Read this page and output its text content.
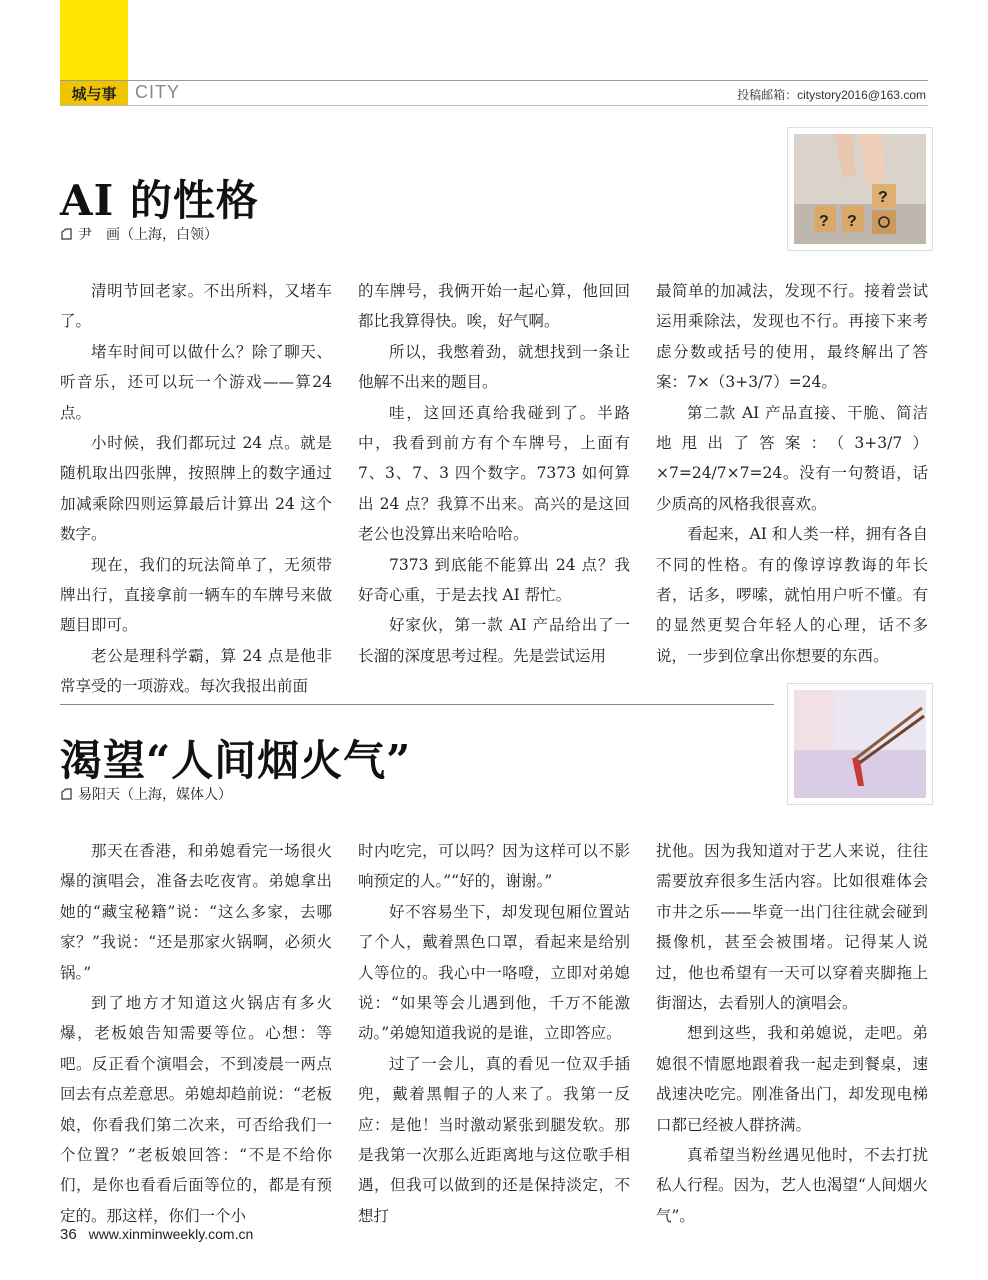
城与事	CITY	投稿邮箱：citystory2016@163.com
AI 的性格
尹　画（上海，白领）
? ?
?

清明节回老家。不出所料，又堵车了。

堵车时间可以做什么？除了聊天、听音乐，还可以玩一个游戏——算24点。

小时候，我们都玩过 24 点。就是随机取出四张牌，按照牌上的数字通过加减乘除四则运算最后计算出 24 这个数字。

现在，我们的玩法简单了，无须带牌出行，直接拿前一辆车的车牌号来做题目即可。

老公是理科学霸，算 24 点是他非常享受的一项游戏。每次我报出前面

的车牌号，我俩开始一起心算，他回回都比我算得快。唉，好气啊。

所以，我憋着劲，就想找到一条让他解不出来的题目。

哇，这回还真给我碰到了。半路中，我看到前方有个车牌号，上面有 7、3、7、3 四个数字。7373 如何算出 24 点？我算不出来。高兴的是这回老公也没算出来哈哈哈。

7373 到底能不能算出 24 点？我好奇心重，于是去找 AI 帮忙。

好家伙，第一款 AI 产品给出了一长溜的深度思考过程。先是尝试运用

最简单的加减法，发现不行。接着尝试运用乘除法，发现也不行。再接下来考虑分数或括号的使用，最终解出了答案：7×（3+3/7）=24。

第二款 AI 产品直接、干脆、简洁地甩出了答案：（3+3/7）×7=24/7×7=24。没有一句赘语，话少质高的风格我很喜欢。

看起来，AI 和人类一样，拥有各自不同的性格。有的像谆谆教诲的年长者，话多，啰嗦，就怕用户听不懂。有的显然更契合年轻人的心理，话不多说，一步到位拿出你想要的东西。

渴望“人间烟火气”
易阳天（上海，媒体人）

那天在香港，和弟媳看完一场很火爆的演唱会，准备去吃夜宵。弟媳拿出她的“藏宝秘籍”说：“这么多家，去哪家？”我说：“还是那家火锅啊，必须火锅。”

到了地方才知道这火锅店有多火爆，老板娘告知需要等位。心想：等吧。反正看个演唱会，不到凌晨一两点回去有点差意思。弟媳却趋前说：“老板娘，你看我们第二次来，可否给我们一个位置？”老板娘回答：“不是不给你们，是你也看看后面等位的，都是有预定的。那这样，你们一个小

时内吃完，可以吗？因为这样可以不影响预定的人。”“好的，谢谢。”

好不容易坐下，却发现包厢位置站了个人，戴着黑色口罩，看起来是给别人等位的。我心中一咯噔，立即对弟媳说：“如果等会儿遇到他，千万不能激动。”弟媳知道我说的是谁，立即答应。

过了一会儿，真的看见一位双手插兜，戴着黑帽子的人来了。我第一反应：是他！当时激动紧张到腿发软。那是我第一次那么近距离地与这位歌手相遇，但我可以做到的还是保持淡定，不想打

扰他。因为我知道对于艺人来说，往往需要放弃很多生活内容。比如很难体会市井之乐——毕竟一出门往往就会碰到摄像机，甚至会被围堵。记得某人说过，他也希望有一天可以穿着夹脚拖上街溜达，去看别人的演唱会。

想到这些，我和弟媳说，走吧。弟媳很不情愿地跟着我一起走到餐桌，速战速决吃完。刚准备出门，却发现电梯口都已经被人群挤满。

真希望当粉丝遇见他时，不去打扰私人行程。因为，艺人也渴望“人间烟火气”。

36 www.xinminweekly.com.cn
